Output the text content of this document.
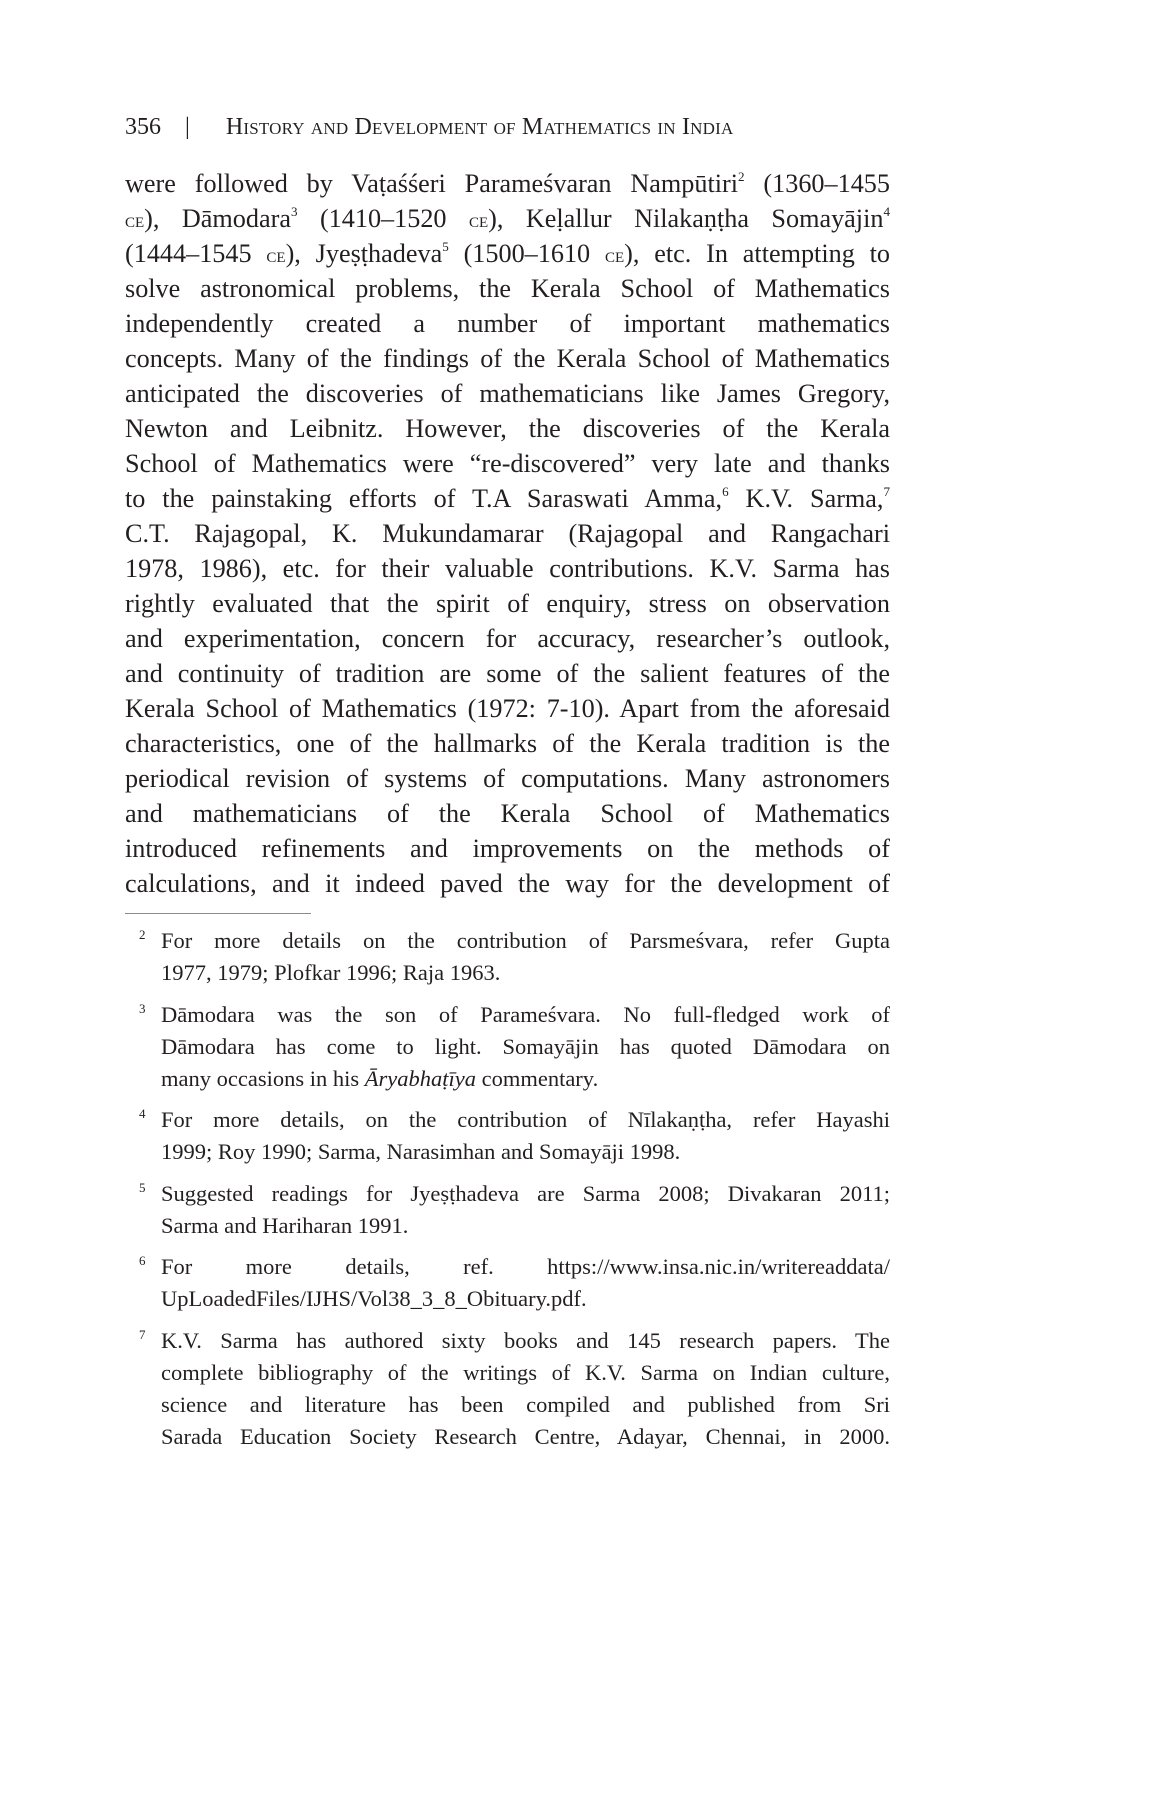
356 | History and Development of Mathematics in India
were followed by Vaṭaśśeri Parameśvaran Nampūtiri$^2$ (1360–1455
ce), Dāmodara$^3$ (1410–1520 ce), Keḷallur Nilakaṇṭha Somayājin$^4$
(1444–1545 ce), Jyeṣṭhadeva$^5$ (1500–1610 ce), etc. In attempting to
solve astronomical problems, the Kerala School of Mathematics
independently created a number of important mathematics
concepts. Many of the findings of the Kerala School of Mathematics
anticipated the discoveries of mathematicians like James Gregory,
Newton and Leibnitz. However, the discoveries of the Kerala
School of Mathematics were “re-discovered” very late and thanks
to the painstaking efforts of T.A Saraswati Amma,$^6$ K.V. Sarma,$^7$
C.T. Rajagopal, K. Mukundamarar (Rajagopal and Rangachari
1978, 1986), etc. for their valuable contributions. K.V. Sarma has
rightly evaluated that the spirit of enquiry, stress on observation
and experimentation, concern for accuracy, researcher’s outlook,
and continuity of tradition are some of the salient features of the
Kerala School of Mathematics (1972: 7-10). Apart from the aforesaid
characteristics, one of the hallmarks of the Kerala tradition is the
periodical revision of systems of computations. Many astronomers
and mathematicians of the Kerala School of Mathematics
introduced refinements and improvements on the methods of
calculations, and it indeed paved the way for the development of
2 For more details on the contribution of Parsmeśvara, refer Gupta
1977, 1979; Plofkar 1996; Raja 1963.
3 Dāmodara was the son of Parameśvara. No full-fledged work of
Dāmodara has come to light. Somayājin has quoted Dāmodara on
many occasions in his Āryabhaṭīya commentary.
4 For more details, on the contribution of Nīlakaṇṭha, refer Hayashi
1999; Roy 1990; Sarma, Narasimhan and Somayāji 1998.
5 Suggested readings for Jyeṣṭhadeva are Sarma 2008; Divakaran 2011;
Sarma and Hariharan 1991.
6 For more details, ref. https://www.insa.nic.in/writereaddata/
UpLoadedFiles/IJHS/Vol38_3_8_Obituary.pdf.
7 K.V. Sarma has authored sixty books and 145 research papers. The
complete bibliography of the writings of K.V. Sarma on Indian culture,
science and literature has been compiled and published from Sri
Sarada Education Society Research Centre, Adayar, Chennai, in 2000.
